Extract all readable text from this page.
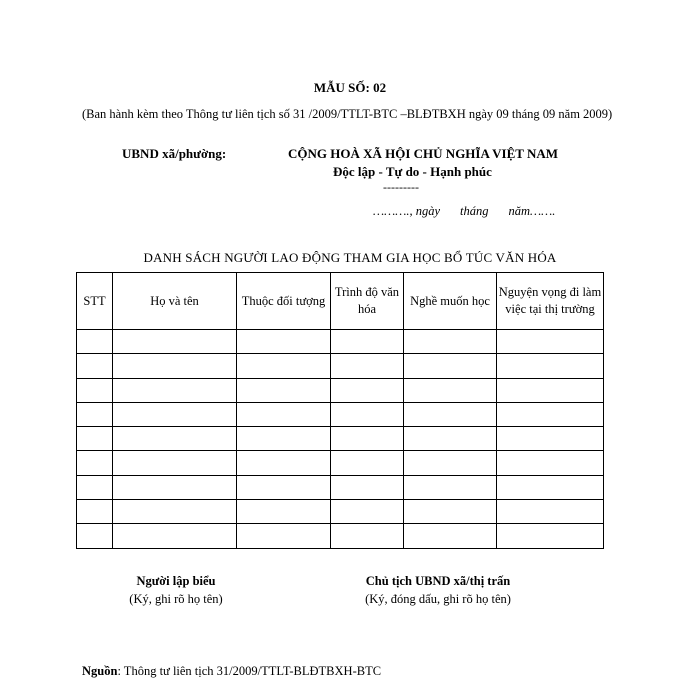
MẪU SỐ: 02
(Ban hành kèm theo Thông tư liên tịch số 31 /2009/TTLT-BTC –BLĐTBXH ngày 09 tháng 09 năm 2009)
UBND xã/phường:	CỘNG HOÀ XÃ HỘI CHỦ NGHĨA VIỆT NAM
Độc lập - Tự do - Hạnh phúc
---------
………., ngày tháng năm…….
DANH SÁCH NGƯỜI LAO ĐỘNG THAM GIA HỌC BỔ TÚC VĂN HÓA
STT	Họ và tên	Thuộc đối tượng	Trình độ văn hóa	Nghề muốn học	Nguyện vọng đi làm việc tại thị trường

Người lập biểu
(Ký, ghi rõ họ tên)
Chủ tịch UBND xã/thị trấn
(Ký, đóng dấu, ghi rõ họ tên)
Nguồn: Thông tư liên tịch 31/2009/TTLT-BLĐTBXH-BTC
